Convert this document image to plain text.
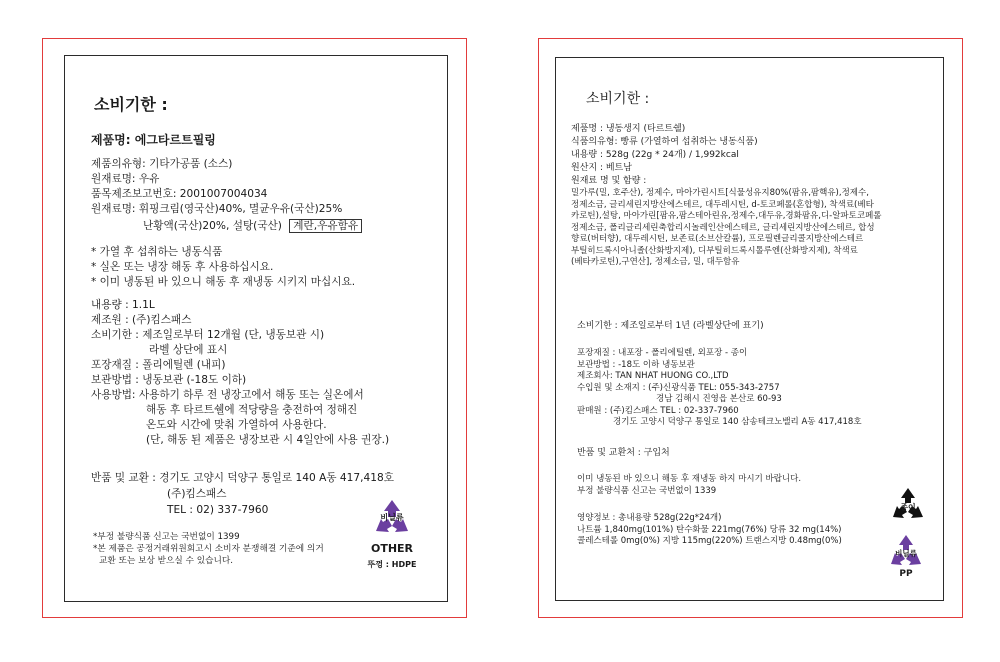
소비기한 :
제품명: 에그타르트필링
제품의유형: 기타가공품 (소스)
원재료명: 우유
품목제조보고번호: 2001007004034
원재료명: 휘핑크림(영국산)40%, 멸균우유(국산)25%
난황액(국산)20%, 설탕(국산) 계란,우유함유
* 가열 후 섭취하는 냉동식품
* 실온 또는 냉장 해동 후 사용하십시요.
* 이미 냉동된 바 있으니 해동 후 재냉동 시키지 마십시요.
내용량 : 1.1L
제조원 : (주)킴스패스
소비기한 : 제조일로부터 12개월 (단, 냉동보관 시)
라벨 상단에 표시
포장재질 : 폴리에틸렌 (내피)
보관방법 : 냉동보관 (-18도 이하)
사용방법: 사용하기 하루 전 냉장고에서 해동 또는 실온에서
해동 후 타르트쉘에 적당량을 충전하여 정해진
온도와 시간에 맞춰 가열하여 사용한다.
(단, 해동 된 제품은 냉장보관 시 4일안에 사용 권장.)
반품 및 교환 : 경기도 고양시 덕양구 통일로 140 A동 417,418호
(주)킴스패스
TEL : 02) 337-7960
*부정 불량식품 신고는 국번없이 1399
*본 제품은 공정거래위원회고시 소비자 분쟁해결 기준에 의거
교환 또는 보상 받으실 수 있습니다.
비닐류
OTHER
뚜껑 : HDPE
소비기한 :
제품명 : 냉동생지 (타르트쉘)
식품의유형: 빵류 (가열하여 섭취하는 냉동식품)
내용량 : 528g (22g * 24개) / 1,992kcal
원산지 : 베트남
원재료 명 및 함량 :
밀가루(밀, 호주산), 정제수, 마아가린시트[식물성유지80%(팜유,팜핵유),정제수,
정제소금, 글리세린지방산에스테르, 대두레시틴, d-토코페롤(혼합형), 착색료(베타
카로틴),설탕, 마아가린[팜유,팜스테아린유,정제수,대두유,경화팜유,디-알파토코페롤
정제소금, 폴리글리세린축합리시놀레인산에스테르, 글리세린지방산에스테르, 합성
향료(버터향), 대두레시틴, 보존료(소브산칼륨), 프로필렌글리콜지방산에스테르
부틸히드록시아니졸(산화방지제), 디부틸히드록시톨루엔(산화방지제), 착색료
(베타카로틴),구연산], 정제소금, 밀, 대두함유
소비기한 : 제조일로부터 1년 (라벨상단에 표기)
포장재질 : 내포장 - 폴리에틸렌, 외포장 - 종이
보관방법 : -18도 이하 냉동보관
제조회사: TAN NHAT HUONG CO.,LTD
수입원 및 소재지 : (주)신광식품 TEL: 055-343-2757
경남 김해시 진영읍 본산로 60-93
판매원 : (주)킴스패스 TEL : 02-337-7960
경기도 고양시 덕양구 통일로 140 삼송테크노밸리 A동 417,418호
반품 및 교환처 : 구입처
이미 냉동된 바 있으니 해동 후 재냉동 하지 마시기 바랍니다.
부정 불량식품 신고는 국번없이 1339
영양정보 : 총내용량 528g(22g*24개)
나트륨 1,840mg(101%) 탄수화물 221mg(76%) 당류 32 mg(14%)
콜레스테롤 0mg(0%) 지방 115mg(220%) 트랜스지방 0.48mg(0%)
종이
비닐류
PP
